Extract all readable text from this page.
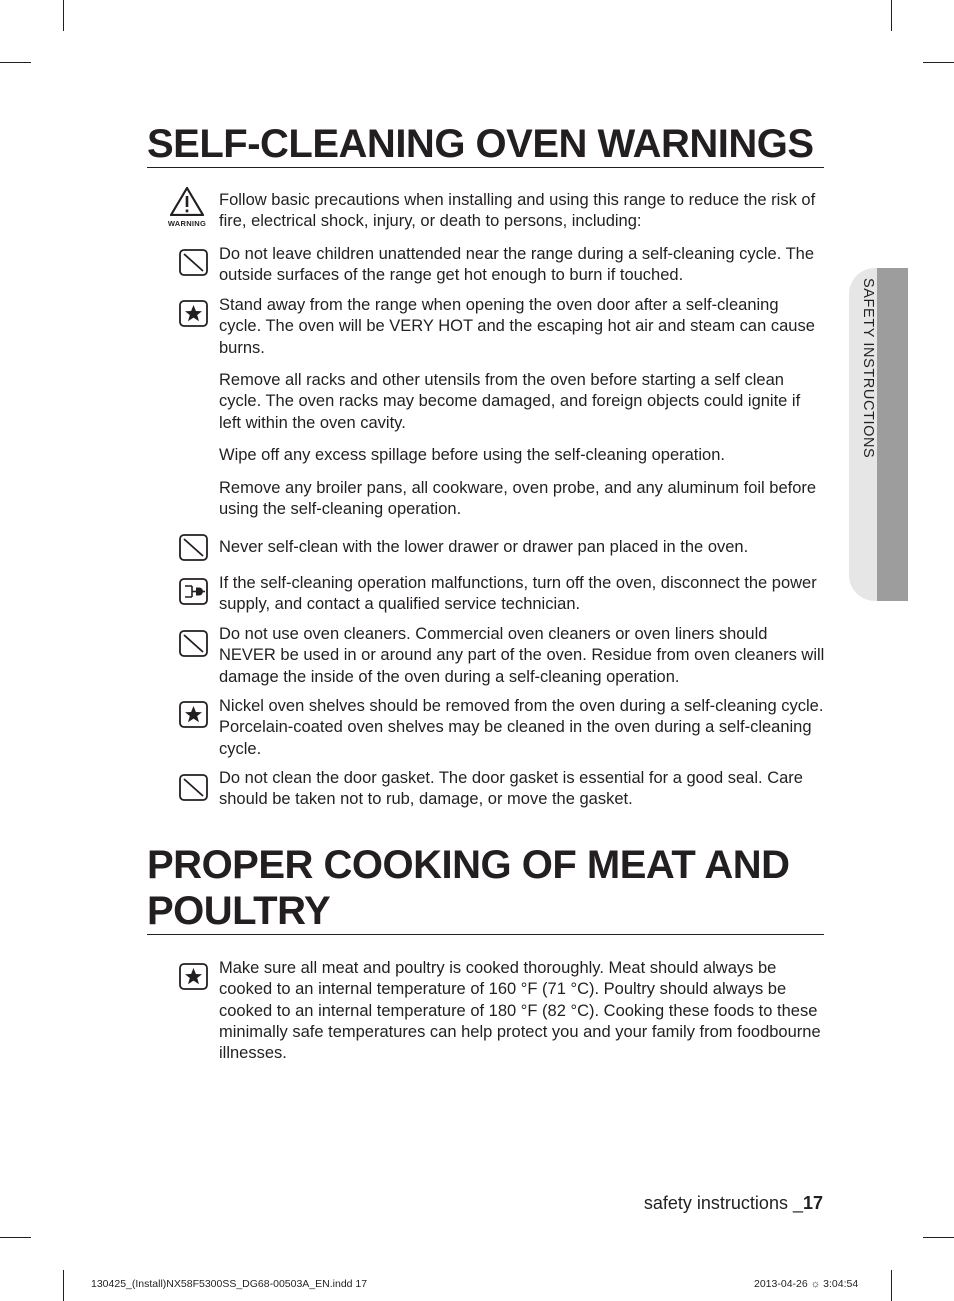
SELF-CLEANING OVEN WARNINGS
WARNING
Follow basic precautions when installing and using this range to reduce the risk of fire, electrical shock, injury, or death to persons, including:
Do not leave children unattended near the range during a self-cleaning cycle. The outside surfaces of the range get hot enough to burn if touched.
Stand away from the range when opening the oven door after a self-cleaning cycle. The oven will be VERY HOT and the escaping hot air and steam can cause burns.
Remove all racks and other utensils from the oven before starting a self clean cycle. The oven racks may become damaged, and foreign objects could ignite if left within the oven cavity.
Wipe off any excess spillage before using the self-cleaning operation.
Remove any broiler pans, all cookware, oven probe, and any aluminum foil before using the self-cleaning operation.
Never self-clean with the lower drawer or drawer pan placed in the oven.
If the self-cleaning operation malfunctions, turn off the oven, disconnect the power supply, and contact a qualified service technician.
Do not use oven cleaners. Commercial oven cleaners or oven liners should NEVER be used in or around any part of the oven. Residue from oven cleaners will damage the inside of the oven during a self-cleaning operation.
Nickel oven shelves should be removed from the oven during a self-cleaning cycle. Porcelain-coated oven shelves may be cleaned in the oven during a self-cleaning cycle.
Do not clean the door gasket. The door gasket is essential for a good seal. Care should be taken not to rub, damage, or move the gasket.
PROPER COOKING OF MEAT AND
POULTRY
Make sure all meat and poultry is cooked thoroughly. Meat should always be cooked to an internal temperature of 160 °F (71 °C). Poultry should always be cooked to an internal temperature of 180 °F (82 °C). Cooking these foods to these minimally safe temperatures can help protect you and your family from foodbourne illnesses.
SAFETY INSTRUCTIONS
safety instructions _17
130425_(Install)NX58F5300SS_DG68-00503A_EN.indd 17	2013-04-26 ☼ 3:04:54
